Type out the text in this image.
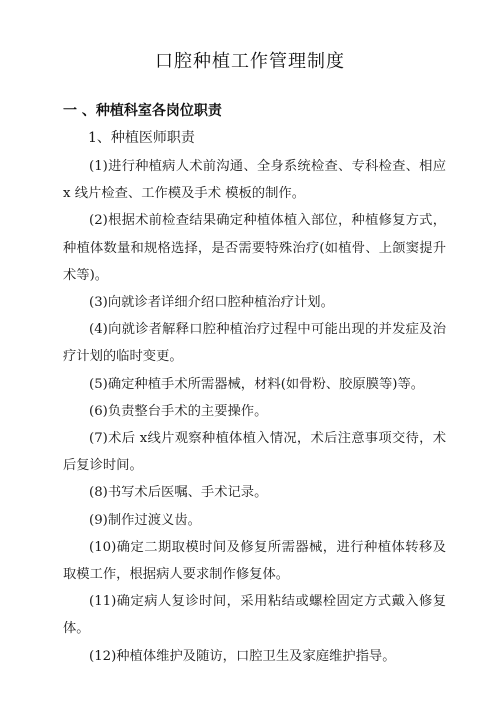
口腔种植工作管理制度
一 、种植科室各岗位职责
1、种植医师职责
(1)进行种植病人术前沟通、全身系统检查、专科检查、相应 x 线片检查、工作模及手术 模板的制作。
(2)根据术前检查结果确定种植体植入部位，种植修复方式，种植体数量和规格选择，是否需要特殊治疗(如植骨、上颌窦提升术等)。
(3)向就诊者详细介绍口腔种植治疗计划。
(4)向就诊者解释口腔种植治疗过程中可能出现的并发症及治疗计划的临时变更。
(5)确定种植手术所需器械，材料(如骨粉、胶原膜等)等。
(6)负责整台手术的主要操作。
(7)术后 x线片观察种植体植入情况，术后注意事项交待，术后复诊时间。
(8)书写术后医嘱、手术记录。
(9)制作过渡义齿。
(10)确定二期取模时间及修复所需器械，进行种植体转移及取模工作，根据病人要求制作修复体。
(11)确定病人复诊时间，采用粘结或螺栓固定方式戴入修复体。
(12)种植体维护及随访，口腔卫生及家庭维护指导。
